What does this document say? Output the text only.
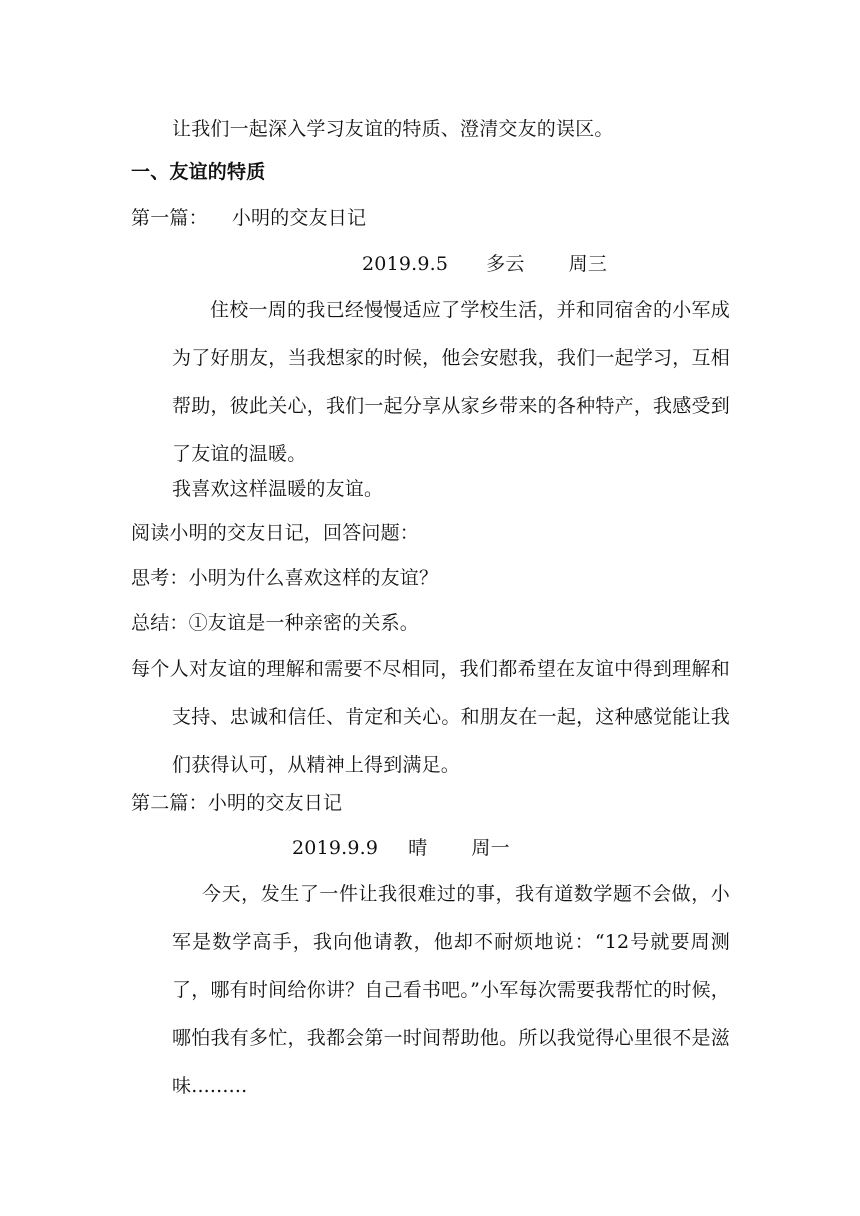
让我们一起深入学习友谊的特质、澄清交友的误区。
一、友谊的特质
第一篇： 小明的交友日记
2019.9.5 多云 周三
住校一周的我已经慢慢适应了学校生活，并和同宿舍的小军成为了好朋友，当我想家的时候，他会安慰我，我们一起学习，互相帮助，彼此关心，我们一起分享从家乡带来的各种特产，我感受到了友谊的温暖。
我喜欢这样温暖的友谊。
阅读小明的交友日记，回答问题：
思考：小明为什么喜欢这样的友谊？
总结：①友谊是一种亲密的关系。
每个人对友谊的理解和需要不尽相同，我们都希望在友谊中得到理解和支持、忠诚和信任、肯定和关心。和朋友在一起，这种感觉能让我们获得认可，从精神上得到满足。
第二篇：小明的交友日记
2019.9.9 晴 周一
今天，发生了一件让我很难过的事，我有道数学题不会做，小军是数学高手，我向他请教，他却不耐烦地说：“12号就要周测了，哪有时间给你讲？自己看书吧。”小军每次需要我帮忙的时候，哪怕我有多忙，我都会第一时间帮助他。所以我觉得心里很不是滋味.........
